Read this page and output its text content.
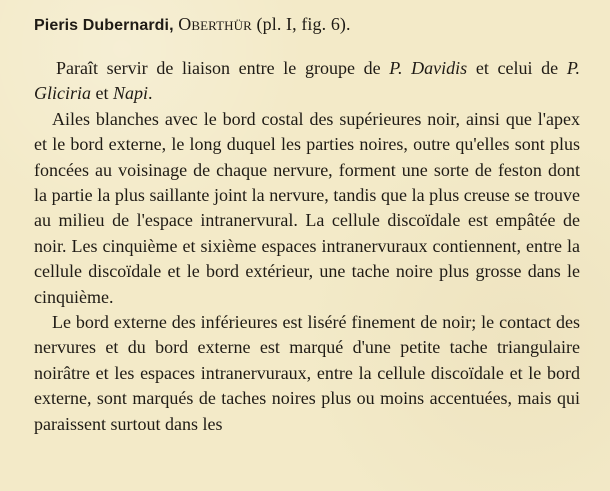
Pieris Dubernardi, Oberthür (pl. I, fig. 6).

Paraît servir de liaison entre le groupe de P. Davidis et celui de P. Gliciria et Napi.

Ailes blanches avec le bord costal des supérieures noir, ainsi que l'apex et le bord externe, le long duquel les parties noires, outre qu'elles sont plus foncées au voisinage de chaque nervure, forment une sorte de feston dont la partie la plus saillante joint la nervure, tandis que la plus creuse se trouve au milieu de l'espace intranervural. La cellule discoïdale est empâtée de noir. Les cinquième et sixième espaces intranervuraux contiennent, entre la cellule discoïdale et le bord extérieur, une tache noire plus grosse dans le cinquième.

Le bord externe des inférieures est liséré finement de noir; le contact des nervures et du bord externe est marqué d'une petite tache triangulaire noirâtre et les espaces intranervuraux, entre la cellule discoïdale et le bord externe, sont marqués de taches noires plus ou moins accentuées, mais qui paraissent surtout dans les
